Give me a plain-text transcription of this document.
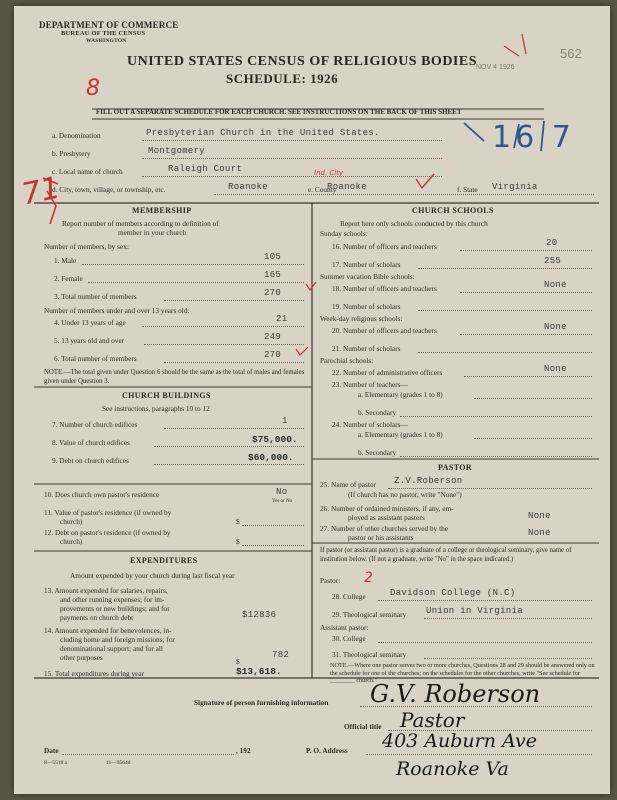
DEPARTMENT OF COMMERCE
BUREAU OF THE CENSUS
WASHINGTON
UNITED STATES CENSUS OF RELIGIOUS BODIES
SCHEDULE: 1926
FILL OUT A SEPARATE SCHEDULE FOR EACH CHURCH. SEE INSTRUCTIONS ON THE BACK OF THIS SHEET
NOV 4 1926
562
8
71
a. Denomination	Presbyterian Church in the United States.
b. Presbytery	Montgomery
c. Local name of church	Raleigh Court
d. City, town, village, or township, etc.	Roanoke	e. County
Roanoke
Ind. City
f. State Virginia
16 7
MEMBERSHIP
Report number of members according to definition of
member in your church
Number of members, by sex:
1. Male	105
2. Female	165
3. Total number of members	270
Number of members under and over 13 years old:
4. Under 13 years of age	21
5. 13 years old and over	249
6. Total number of members	270
NOTE.—The total given under Question 6 should be the same as the total of males and females given under Question 3.
CHURCH BUILDINGS
See instructions, paragraphs 10 to 12
7. Number of church edifices	1
8. Value of church edifices	$75,000.
9. Debt on church edifices	$60,000.
10. Does church own pastor's residence	No
Yes or No
11. Value of pastor's residence (if owned by
church)	$
12. Debt on pastor's residence (if owned by
church)	$
EXPENDITURES
Amount expended by your church during last fiscal year
13. Amount expended for salaries, repairs,
and other running expenses; for im-
provements or new buildings; and for
payments on church debt	$12836
14. Amount expended for benevolences, in-
cluding home and foreign missions; for
denominational support; and for all
other purposes	$
782
15. Total expenditures during year	$13,618.
CHURCH SCHOOLS
Report here only schools conducted by this church
Sunday schools:
16. Number of officers and teachers	20
17. Number of scholars	255
Summer vacation Bible schools:
18. Number of officers and teachers	None
19. Number of scholars
Week-day religious schools:
20. Number of officers and teachers	None
21. Number of scholars
Parochial schools:
22. Number of administrative officers	None
23. Number of teachers—
a. Elementary (grades 1 to 8)
b. Secondary
24. Number of scholars—
a. Elementary (grades 1 to 8)
b. Secondary
PASTOR
25. Name of pastor Z.V.Roberson
(If church has no pastor, write "None")
26. Number of ordained ministers, if any, em-
ployed as assistant pastors	None
27. Number of other churches served by the
pastor or his assistants	None
If pastor (or assistant pastor) is a graduate of a college or theological seminary, give name of institution below. (If not a graduate, write "No" in the space indicated.)
Pastor: 2
28. College	Davidson College (N.C)
29. Theological seminary Union in Virginia
Assistant pastor:
30. College
31. Theological seminary
NOTE.—Where one pastor serves two or more churches, Questions 28 and 29 should be answered only on the schedule for one of the churches; on the schedules for the other churches, write "See schedule for ________ church."
Signature of person furnishing information G.V. Roberson
Official title Pastor
Date	, 192	P. O. Address 403 Auburn Ave
Roanoke Va
8—5518 a	11—9564d
